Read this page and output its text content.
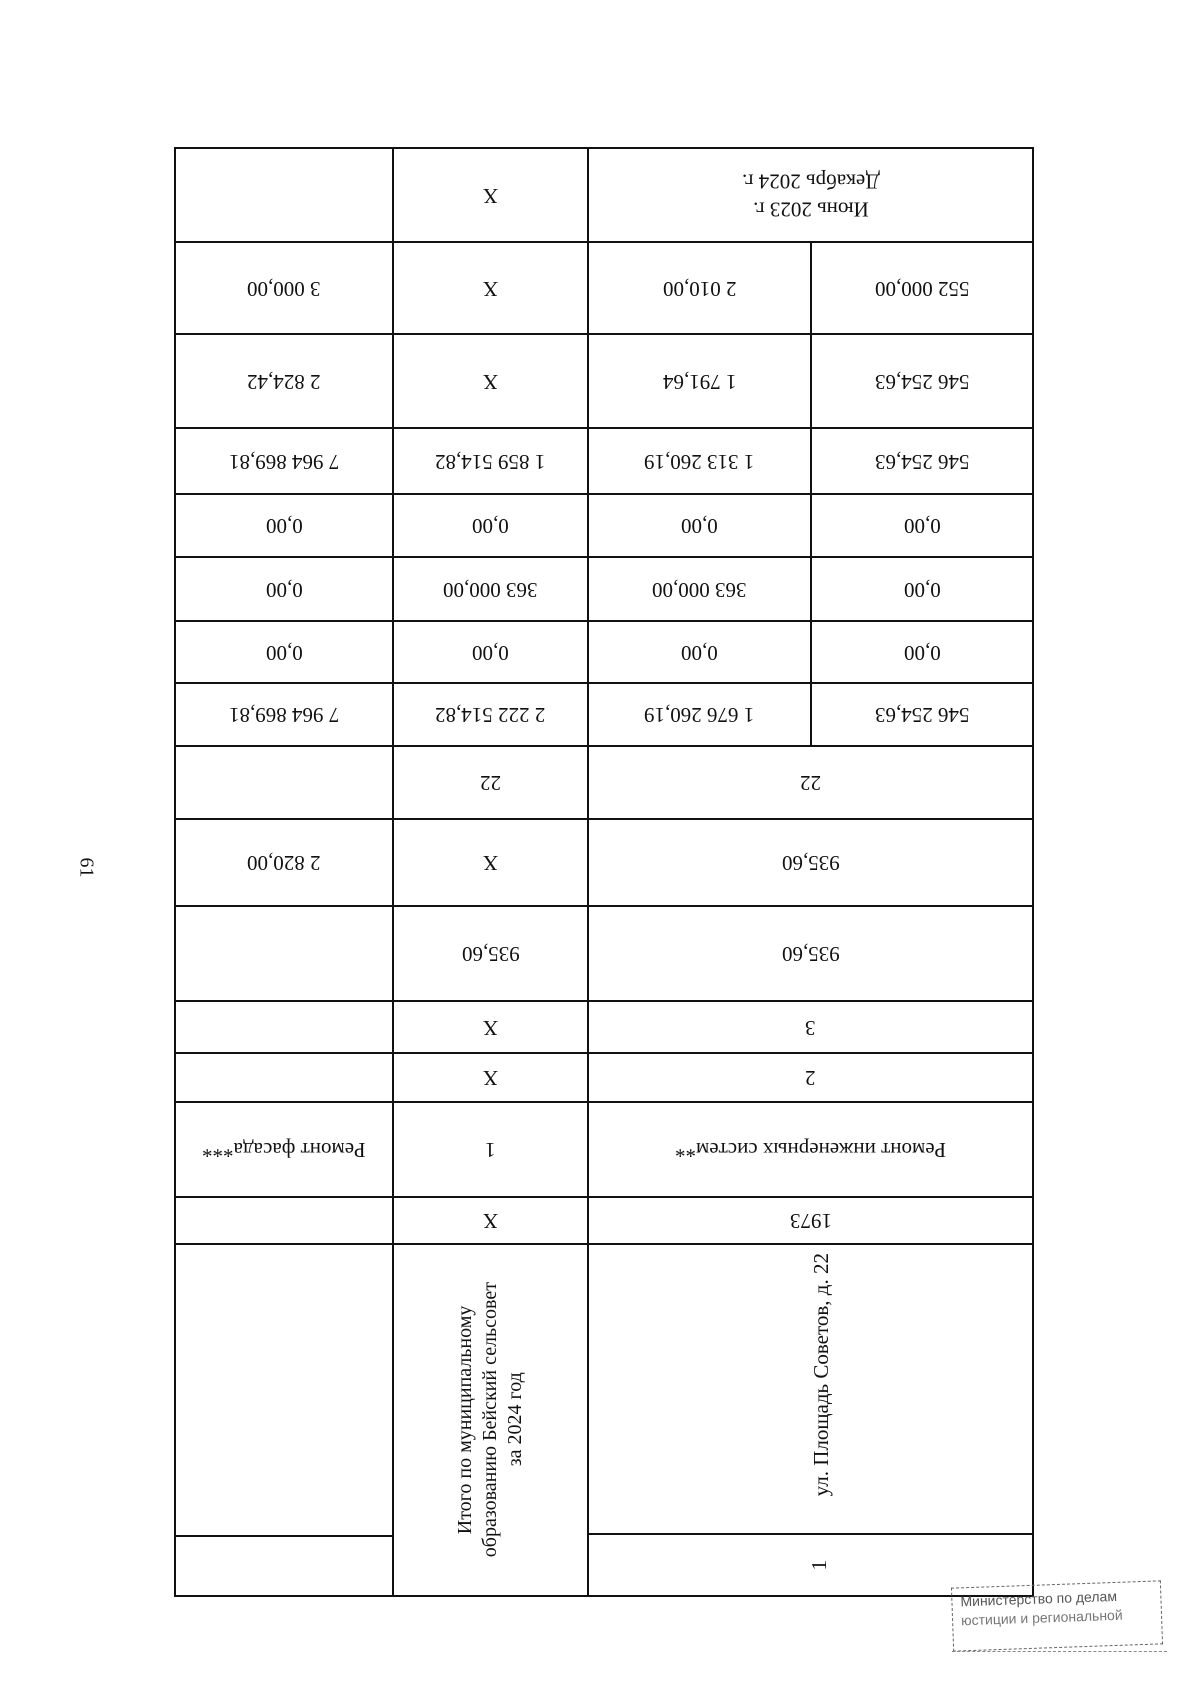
61
Июнь 2023 г.
Декабрь 2024 г.
X
552 000,00
2 010,00
X
3 000,00
546 254,63
1 791,64
X
2 824,42
546 254,63
1 313 260,19
1 859 514,82
7 964 869,81
0,00
0,00
0,00
0,00
0,00
363 000,00
363 000,00
0,00
0,00
0,00
0,00
0,00
546 254,63
1 676 260,19
2 222 514,82
7 964 869,81
22
22
935,60
X
2 820,00
935,60
935,60
3
X
2
X
Ремонт инженерных систем**
1
Ремонт фасада***
1973
X
ул. Площадь Советов, д. 22
1
Итого по муниципальному
образованию Бейский сельсовет
за 2024 год
Министерство по делам
юстиции и региональной
